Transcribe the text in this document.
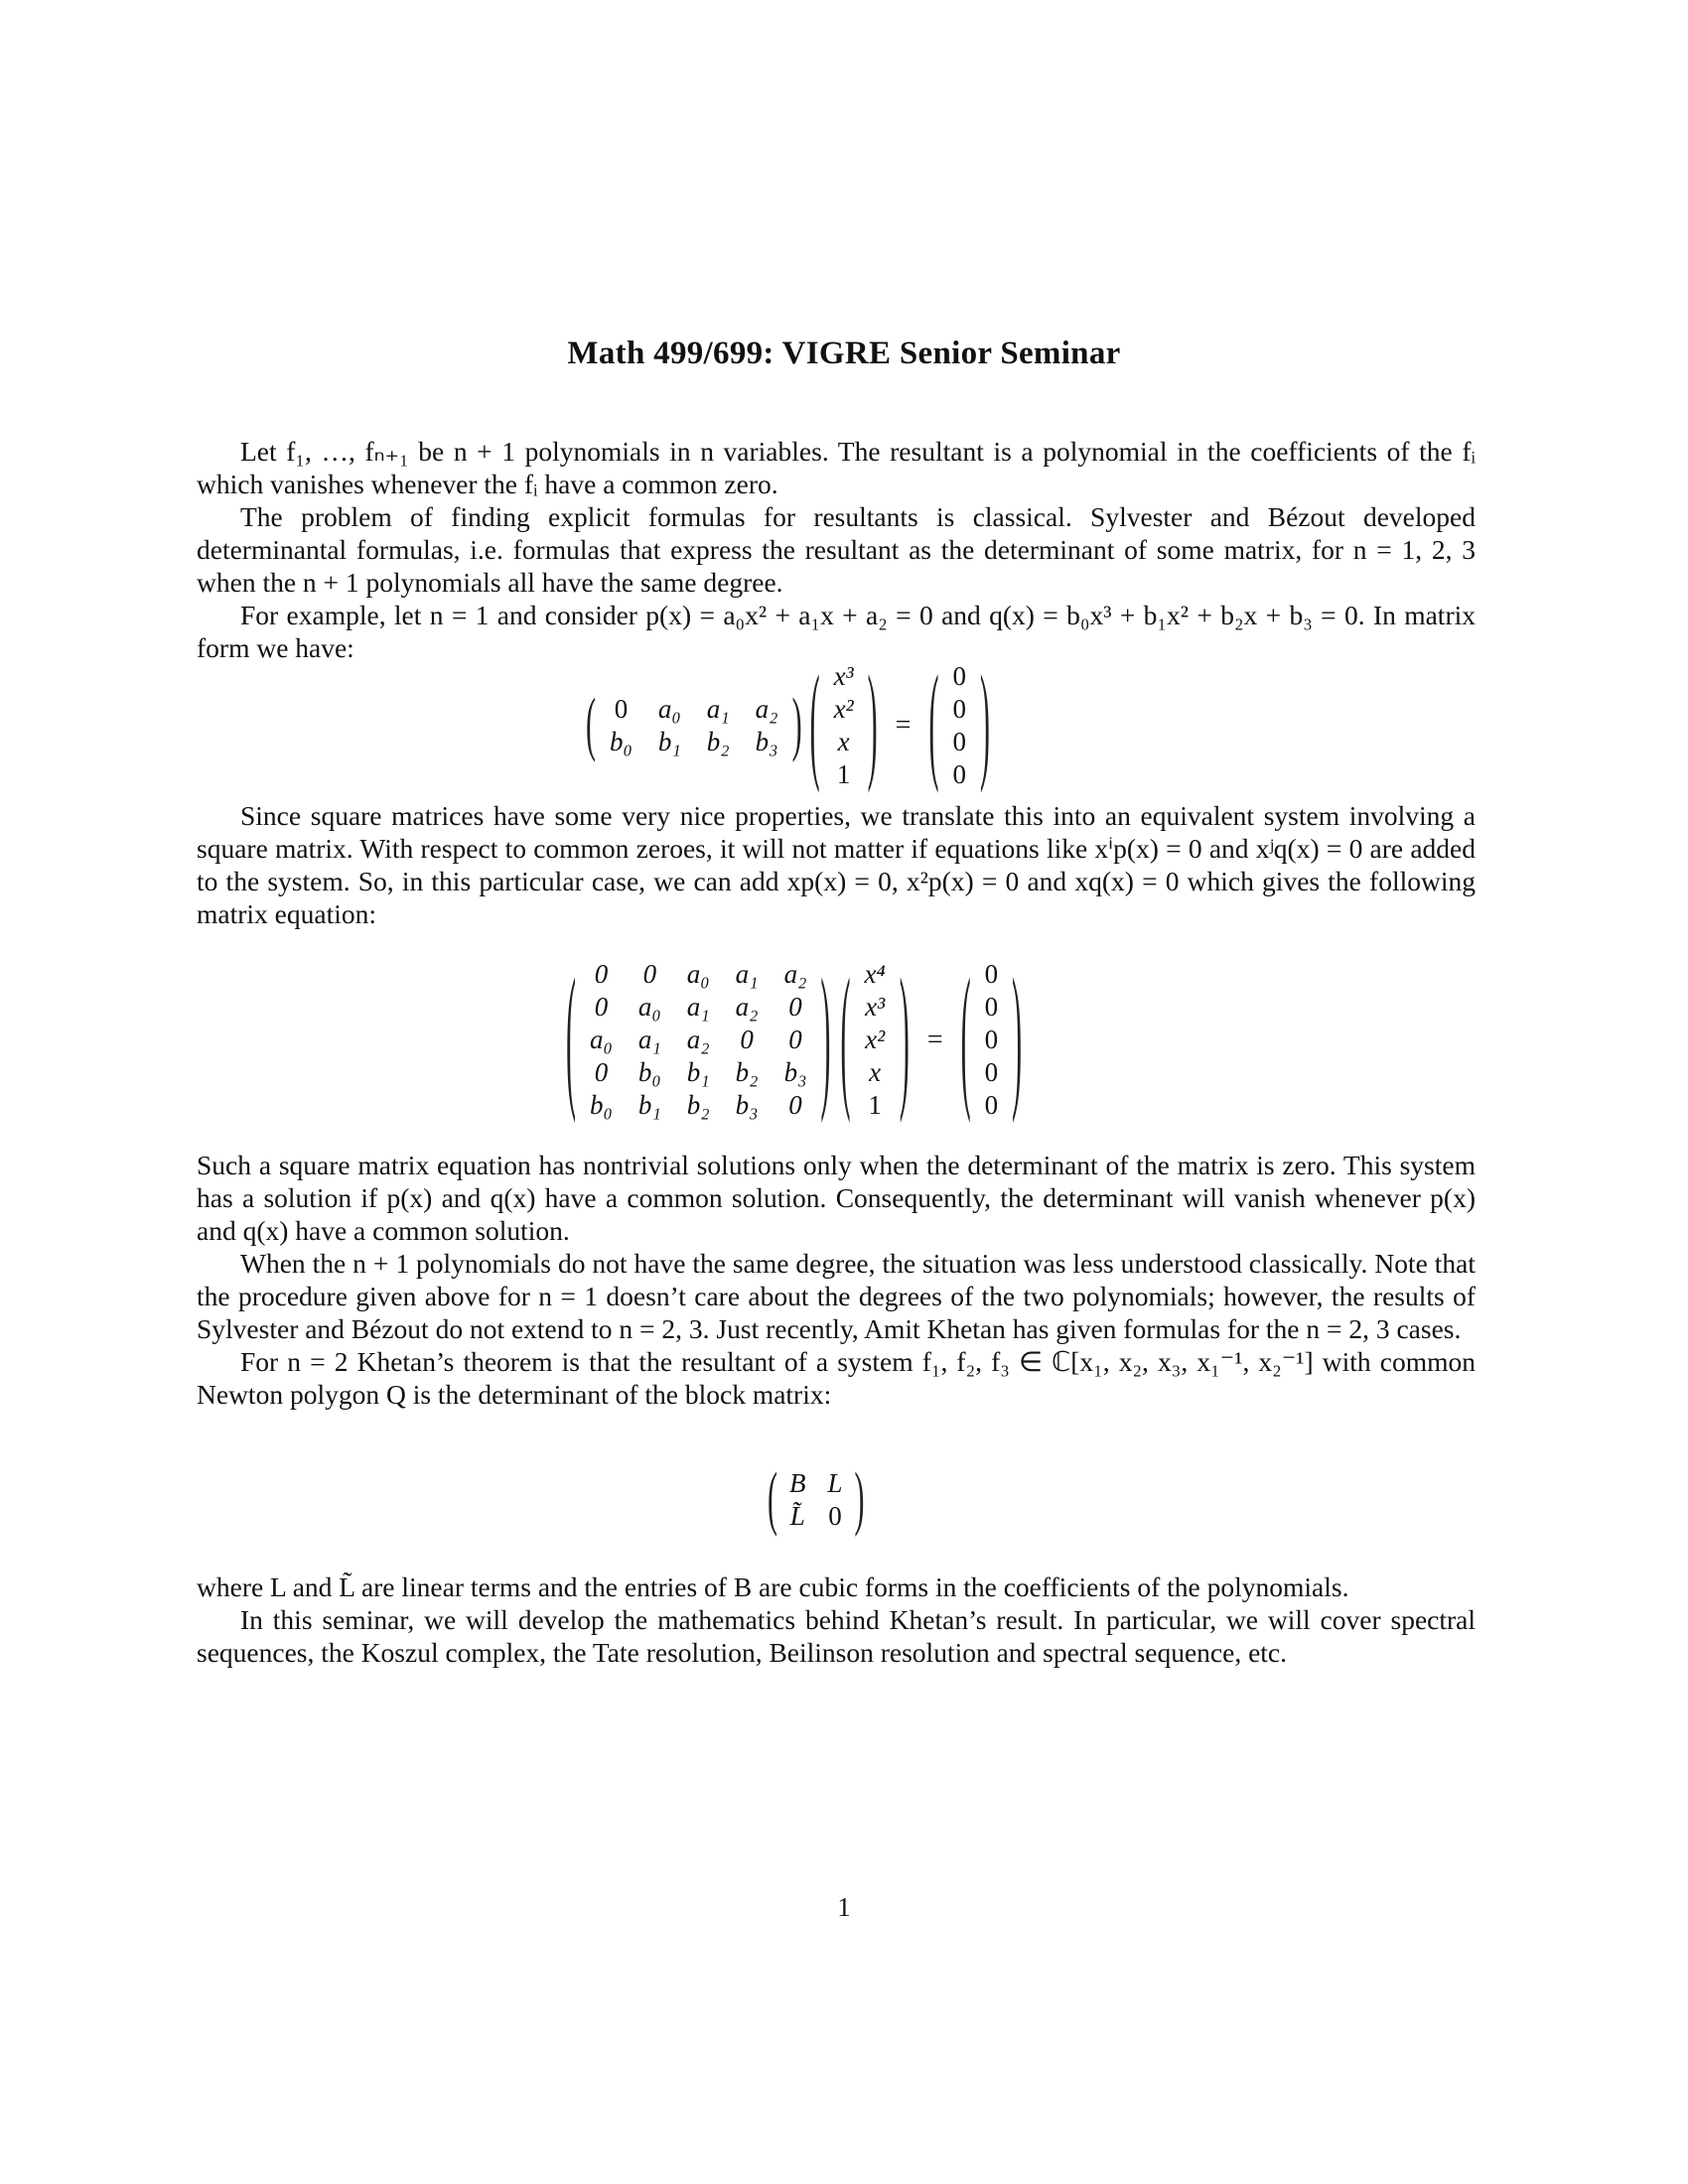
Math 499/699: VIGRE Senior Seminar

Let f₁, …, fₙ₊₁ be n + 1 polynomials in n variables. The resultant is a polynomial in the coefficients of the fᵢ which vanishes whenever the fᵢ have a common zero.

The problem of finding explicit formulas for resultants is classical. Sylvester and Bézout developed determinantal formulas, i.e. formulas that express the resultant as the determinant of some matrix, for n = 1, 2, 3 when the n + 1 polynomials all have the same degree.

For example, let n = 1 and consider p(x) = a₀x² + a₁x + a₂ = 0 and q(x) = b₀x³ + b₁x² + b₂x + b₃ = 0. In matrix form we have:

( 0 a₀ a₁ a₂
b₀ b₁ b₂ b₃ ) ( x³
x²
x
1 ) = ( 0
0
0
0 )

Since square matrices have some very nice properties, we translate this into an equivalent system involving a square matrix. With respect to common zeroes, it will not matter if equations like xⁱp(x) = 0 and xʲq(x) = 0 are added to the system. So, in this particular case, we can add xp(x) = 0, x²p(x) = 0 and xq(x) = 0 which gives the following matrix equation:

( 0 0 a₀ a₁ a₂
0 a₀ a₁ a₂ 0
a₀ a₁ a₂ 0 0
0 b₀ b₁ b₂ b₃
b₀ b₁ b₂ b₃ 0 ) ( x⁴
x³
x²
x
1 ) = ( 0
0
0
0
0 )

Such a square matrix equation has nontrivial solutions only when the determinant of the matrix is zero. This system has a solution if p(x) and q(x) have a common solution. Consequently, the determinant will vanish whenever p(x) and q(x) have a common solution.

When the n + 1 polynomials do not have the same degree, the situation was less understood classically. Note that the procedure given above for n = 1 doesn’t care about the degrees of the two polynomials; however, the results of Sylvester and Bézout do not extend to n = 2, 3. Just recently, Amit Khetan has given formulas for the n = 2, 3 cases.

For n = 2 Khetan’s theorem is that the resultant of a system f₁, f₂, f₃ ∈ ℂ[x₁, x₂, x₃, x₁⁻¹, x₂⁻¹] with common Newton polygon Q is the determinant of the block matrix:

( B L
L̃ 0 )

where L and L̃ are linear terms and the entries of B are cubic forms in the coefficients of the polynomials.

In this seminar, we will develop the mathematics behind Khetan’s result. In particular, we will cover spectral sequences, the Koszul complex, the Tate resolution, Beilinson resolution and spectral sequence, etc.

1
